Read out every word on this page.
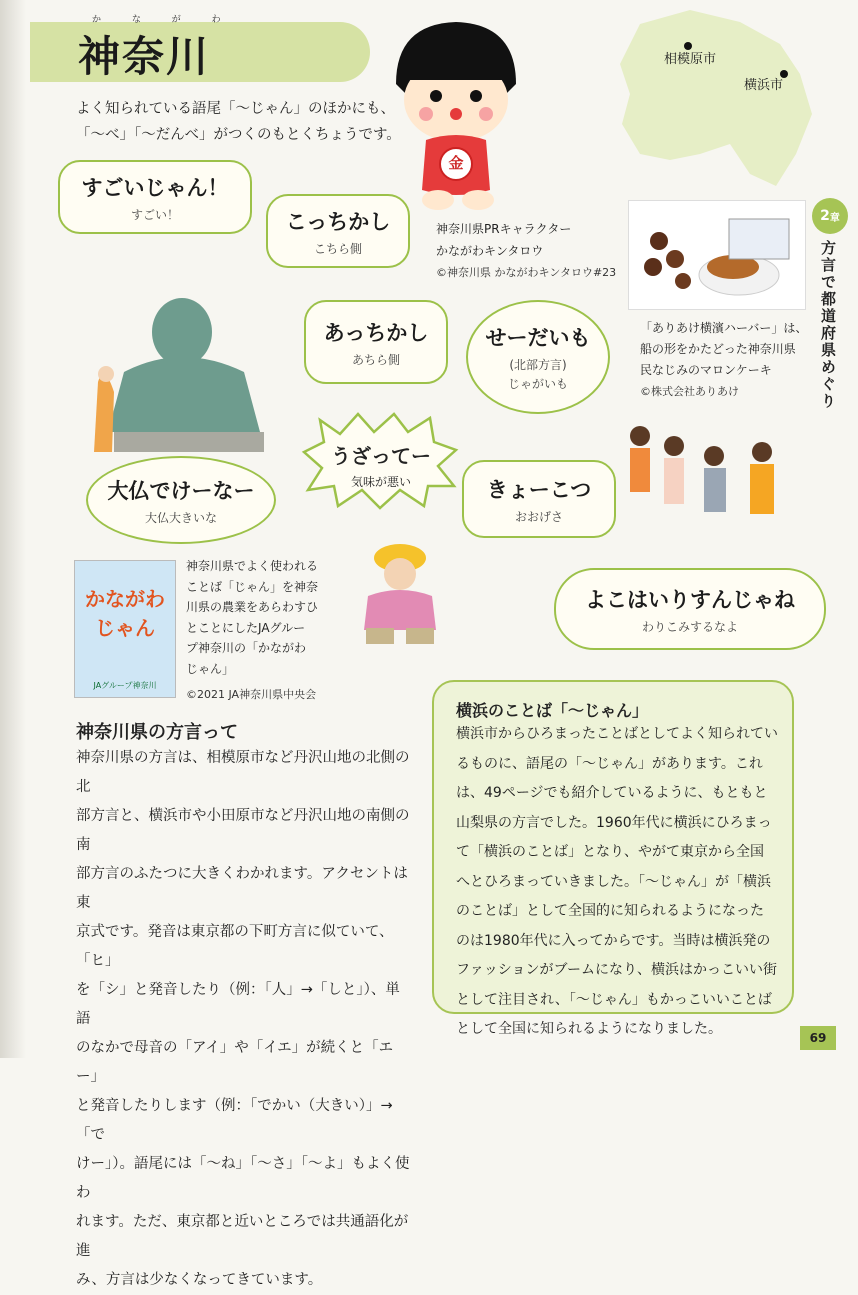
か な が わ
神奈川
よく知られている語尾「〜じゃん」のほかにも、
「〜べ」「〜だんべ」がつくのもとくちょうです。
相模原市
横浜市
金
神奈川県PRキャラクター
かながわキンタロウ
©神奈川県 かながわキンタロウ#23
「ありあけ横濱ハーバー」は、
船の形をかたどった神奈川県
民なじみのマロンケーキ
©株式会社ありあけ
2 章
方言で都道府県めぐり
すごいじゃん！
すごい！	こっちかし
こちら側
あっちかし
あちら側
せーだいも
(北部方言)
じゃがいも
うざってー
気味が悪い
大仏でけーなー
大仏大きいな
きょーこつ
おおげさ
よこはいりすんじゃね
わりこみするなよ
かながわ じゃん
JAグループ神奈川
神奈川県でよく使われる
ことば「じゃん」を神奈
川県の農業をあらわすひ
とことにしたJAグルー
プ神奈川の「かながわ
じゃん」
©2021 JA神奈川県中央会
神奈川県の方言って
神奈川県の方言は、相模原市など丹沢山地の北側の北
部方言と、横浜市や小田原市など丹沢山地の南側の南
部方言のふたつに大きくわかれます。アクセントは東
京式です。発音は東京都の下町方言に似ていて、「ヒ」
を「シ」と発音したり（例：「人」→「しと」）、単語
のなかで母音の「アイ」や「イエ」が続くと「エー」
と発音したりします（例：「でかい（大きい）」→「で
けー」）。語尾には「〜ね」「〜さ」「〜よ」もよく使わ
れます。ただ、東京都と近いところでは共通語化が進
み、方言は少なくなってきています。
横浜のことば「〜じゃん」
横浜市からひろまったことばとしてよく知られてい
るものに、語尾の「〜じゃん」があります。これ
は、49ページでも紹介しているように、もともと
山梨県の方言でした。1960年代に横浜にひろまっ
て「横浜のことば」となり、やがて東京から全国
へとひろまっていきました。「〜じゃん」が「横浜
のことば」として全国的に知られるようになった
のは1980年代に入ってからです。当時は横浜発の
ファッションがブームになり、横浜はかっこいい街
として注目され、「〜じゃん」もかっこいいことば
として全国に知られるようになりました。
69
